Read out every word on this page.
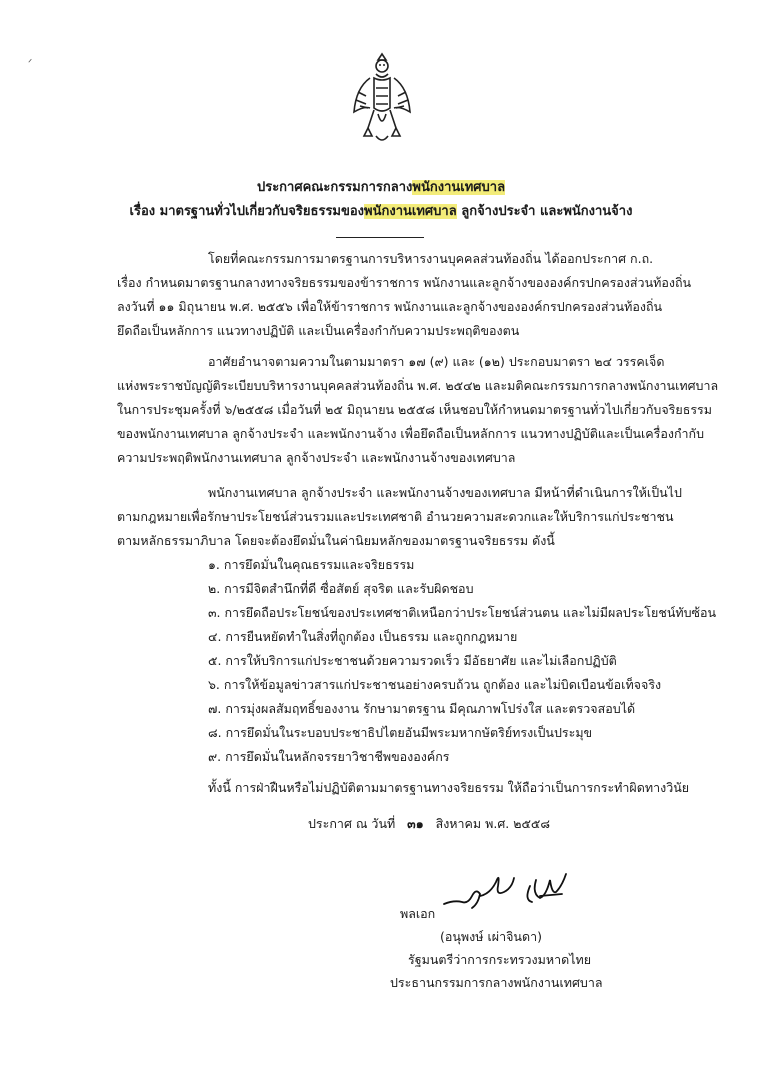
ᐟ
ประกาศคณะกรรมการกลางพนักงานเทศบาล
เรื่อง มาตรฐานทั่วไปเกี่ยวกับจริยธรรมของพนักงานเทศบาล ลูกจ้างประจำ และพนักงานจ้าง
โดยที่คณะกรรมการมาตรฐานการบริหารงานบุคคลส่วนท้องถิ่น ได้ออกประกาศ ก.ถ.
เรื่อง กำหนดมาตรฐานกลางทางจริยธรรมของข้าราชการ พนักงานและลูกจ้างขององค์กรปกครองส่วนท้องถิ่น
ลงวันที่ ๑๑ มิถุนายน พ.ศ. ๒๕๕๖ เพื่อให้ข้าราชการ พนักงานและลูกจ้างขององค์กรปกครองส่วนท้องถิ่น
ยึดถือเป็นหลักการ แนวทางปฏิบัติ และเป็นเครื่องกำกับความประพฤติของตน
อาศัยอำนาจตามความในตามมาตรา ๑๗ (๙) และ (๑๒) ประกอบมาตรา ๒๔ วรรคเจ็ด
แห่งพระราชบัญญัติระเบียบบริหารงานบุคคลส่วนท้องถิ่น พ.ศ. ๒๕๔๒ และมติคณะกรรมการกลางพนักงานเทศบาล
ในการประชุมครั้งที่ ๖/๒๕๕๘ เมื่อวันที่ ๒๕ มิถุนายน ๒๕๕๘ เห็นชอบให้กำหนดมาตรฐานทั่วไปเกี่ยวกับจริยธรรม
ของพนักงานเทศบาล ลูกจ้างประจำ และพนักงานจ้าง เพื่อยึดถือเป็นหลักการ แนวทางปฏิบัติและเป็นเครื่องกำกับ
ความประพฤติพนักงานเทศบาล ลูกจ้างประจำ และพนักงานจ้างของเทศบาล
พนักงานเทศบาล ลูกจ้างประจำ และพนักงานจ้างของเทศบาล มีหน้าที่ดำเนินการให้เป็นไป
ตามกฎหมายเพื่อรักษาประโยชน์ส่วนรวมและประเทศชาติ อำนวยความสะดวกและให้บริการแก่ประชาชน
ตามหลักธรรมาภิบาล โดยจะต้องยึดมั่นในค่านิยมหลักของมาตรฐานจริยธรรม ดังนี้
๑. การยึดมั่นในคุณธรรมและจริยธรรม
๒. การมีจิตสำนึกที่ดี ซื่อสัตย์ สุจริต และรับผิดชอบ
๓. การยึดถือประโยชน์ของประเทศชาติเหนือกว่าประโยชน์ส่วนตน และไม่มีผลประโยชน์ทับซ้อน
๔. การยืนหยัดทำในสิ่งที่ถูกต้อง เป็นธรรม และถูกกฎหมาย
๕. การให้บริการแก่ประชาชนด้วยความรวดเร็ว มีอัธยาศัย และไม่เลือกปฏิบัติ
๖. การให้ข้อมูลข่าวสารแก่ประชาชนอย่างครบถ้วน ถูกต้อง และไม่บิดเบือนข้อเท็จจริง
๗. การมุ่งผลสัมฤทธิ์ของงาน รักษามาตรฐาน มีคุณภาพโปร่งใส และตรวจสอบได้
๘. การยึดมั่นในระบอบประชาธิปไตยอันมีพระมหากษัตริย์ทรงเป็นประมุข
๙. การยึดมั่นในหลักจรรยาวิชาชีพขององค์กร
ทั้งนี้ การฝ่าฝืนหรือไม่ปฏิบัติตามมาตรฐานทางจริยธรรม ให้ถือว่าเป็นการกระทำผิดทางวินัย
ประกาศ ณ วันที่ ๓๑ สิงหาคม พ.ศ. ๒๕๕๘
พลเอก
(อนุพงษ์ เผ่าจินดา)
รัฐมนตรีว่าการกระทรวงมหาดไทย
ประธานกรรมการกลางพนักงานเทศบาล
